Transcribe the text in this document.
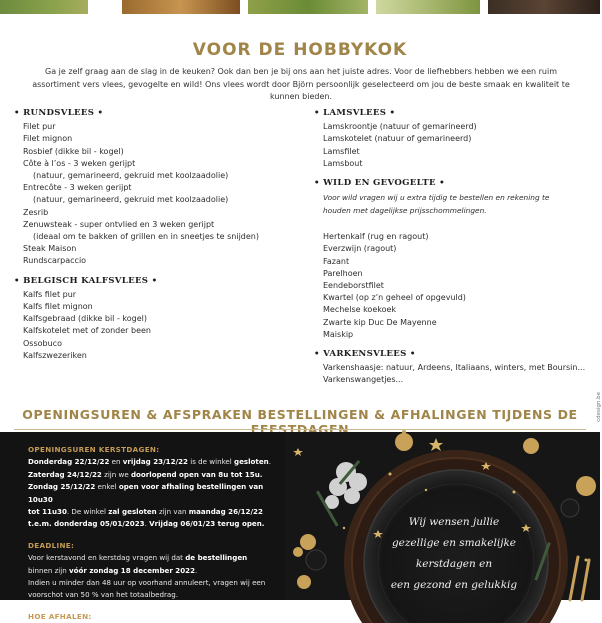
VOOR DE HOBBYKOK
Ga je zelf graag aan de slag in de keuken? Ook dan ben je bij ons aan het juiste adres. Voor de liefhebbers hebben we een ruim assortiment vers vlees, gevogelte en wild! Ons vlees wordt door Björn persoonlijk geselecteerd om jou de beste smaak en kwaliteit te kunnen bieden.
• RUNDSVLEES •
Filet pur
Filet mignon
Rosbief (dikke bil - kogel)
Côte à l’os - 3 weken gerijpt
(natuur, gemarineerd, gekruid met koolzaadolie)
Entrecôte - 3 weken gerijpt
(natuur, gemarineerd, gekruid met koolzaadolie)
Zesrib
Zenuwsteak - super ontvlied en 3 weken gerijpt
(ideaal om te bakken of grillen en in sneetjes te snijden)
Steak Maison
Rundscarpaccio
• BELGISCH KALFSVLEES •
Kalfs filet pur
Kalfs filet mignon
Kalfsgebraad (dikke bil - kogel)
Kalfskotelet met of zonder been
Ossobuco
Kalfszwezeriken
• LAMSVLEES •
Lamskroontje (natuur of gemarineerd)
Lamskotelet (natuur of gemarineerd)
Lamsfilet
Lamsbout
• WILD EN GEVOGELTE •
Voor wild vragen wij u extra tijdig te bestellen en rekening te
houden met dagelijkse prijsschommelingen.
Hertenkalf (rug en ragout)
Everzwijn (ragout)
Fazant
Parelhoen
Eendeborstfilet
Kwartel (op z’n geheel of opgevuld)
Mechelse koekoek
Zwarte kip Duc De Mayenne
Maiskip
• VARKENSVLEES •
Varkenshaasje: natuur, Ardeens, Italiaans, winters, met Boursin...
Varkenswangetjes...
cdesign.be
OPENINGSUREN & AFSPRAKEN BESTELLINGEN & AFHALINGEN TIJDENS DE
Wij wensen jullie
gezellige en smakelijke
kerstdagen en
een gezond en gelukkig
OPENINGSUREN KERSTDAGEN:
Donderdag 22/12/22 en vrijdag 23/12/22 is de winkel gesloten.
Zaterdag 24/12/22 zijn we doorlopend open van 8u tot 15u.
Zondag 25/12/22 enkel open voor afhaling bestellingen van 10u30
tot 11u30. De winkel zal gesloten zijn van maandag 26/12/22
t.e.m. donderdag 05/01/2023. Vrijdag 06/01/23 terug open.
DEADLINE:
Voor kerstavond en kerstdag vragen wij dat de bestellingen
binnen zijn vóór zondag 18 december 2022.
Indien u minder dan 48 uur op voorhand annuleert, vragen wij een
voorschot van 50 % van het totaalbedrag.
HOE AFHALEN:
